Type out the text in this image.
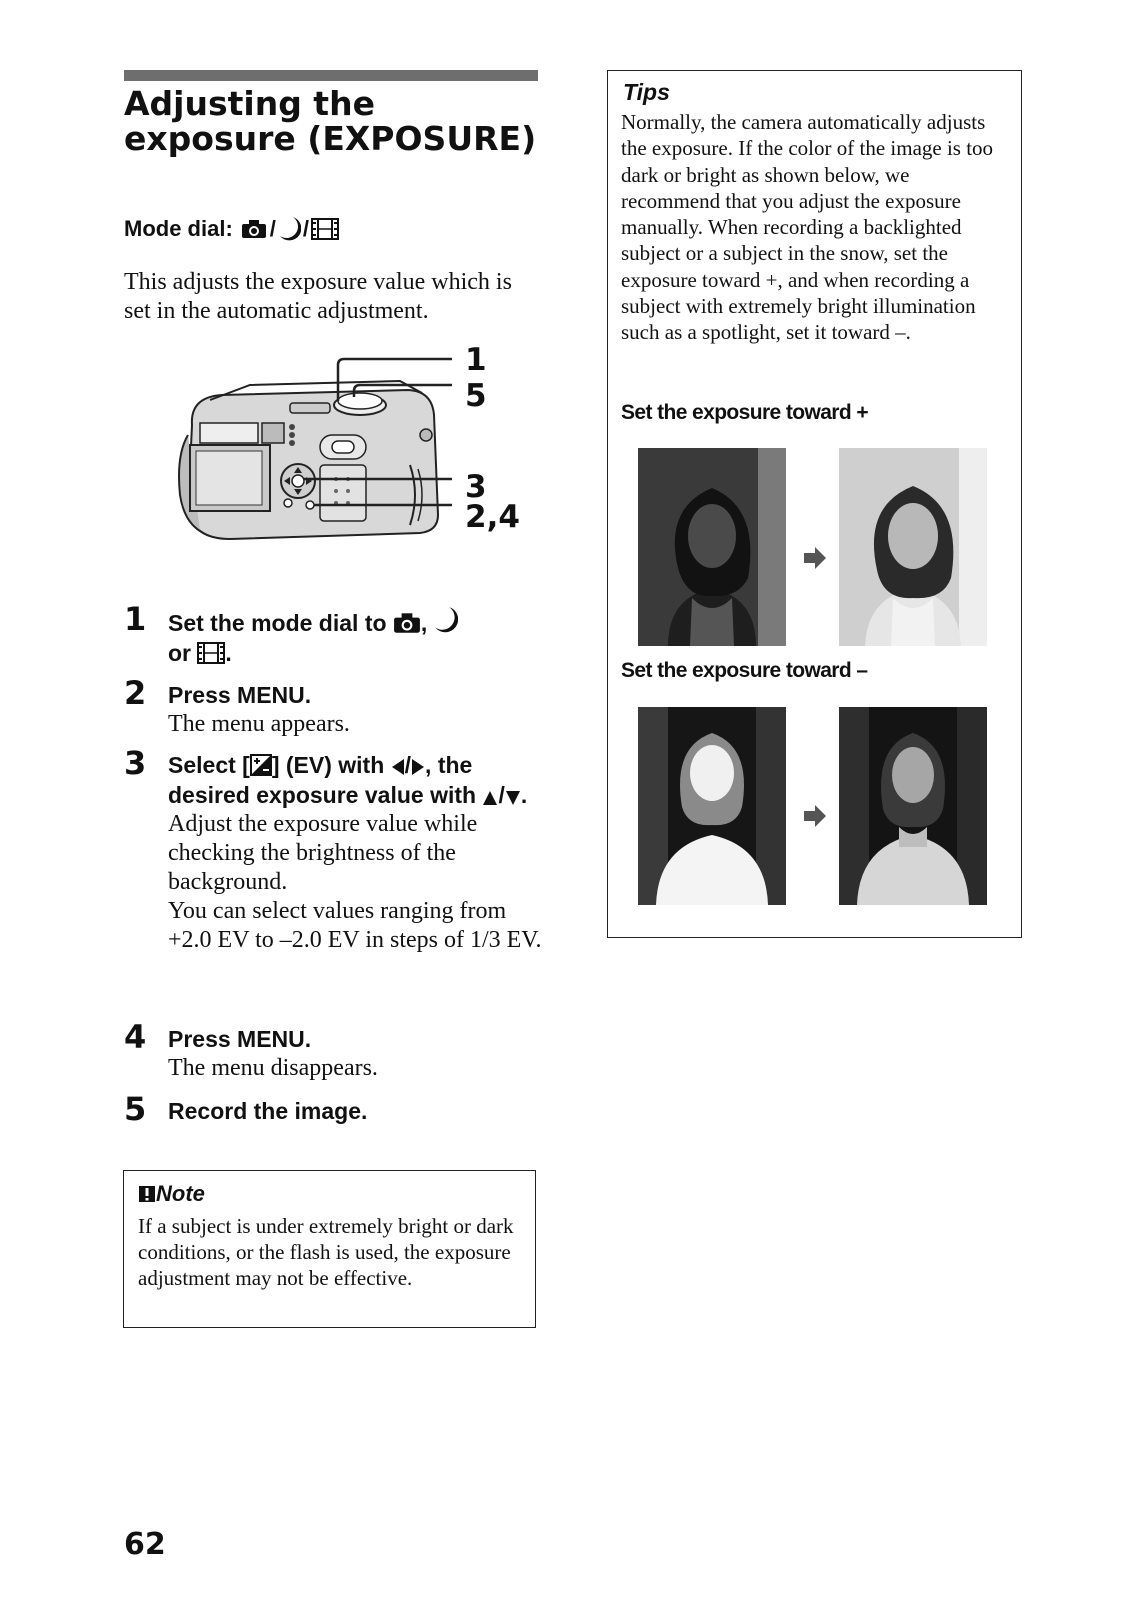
Adjusting the exposure (EXPOSURE)
Mode dial: / /
This adjusts the exposure value which is set in the automatic adjustment.
1
5
3
2,4
1 Set the mode dial to ,

or .
2 Press MENU.
The menu appears.
3 Select [ ] (EV) with / , the desired exposure value with / .
Adjust the exposure value while checking the brightness of the background.
You can select values ranging from +2.0 EV to –2.0 EV in steps of 1/3 EV.
4 Press MENU.
The menu disappears.
5 Record the image.
Note
If a subject is under extremely bright or dark conditions, or the flash is used, the exposure adjustment may not be effective.
Tips
Normally, the camera automatically adjusts the exposure. If the color of the image is too dark or bright as shown below, we recommend that you adjust the exposure manually. When recording a backlighted subject or a subject in the snow, set the exposure toward +, and when recording a subject with extremely bright illumination such as a spotlight, set it toward –.
Set the exposure toward +
Set the exposure toward –
62
